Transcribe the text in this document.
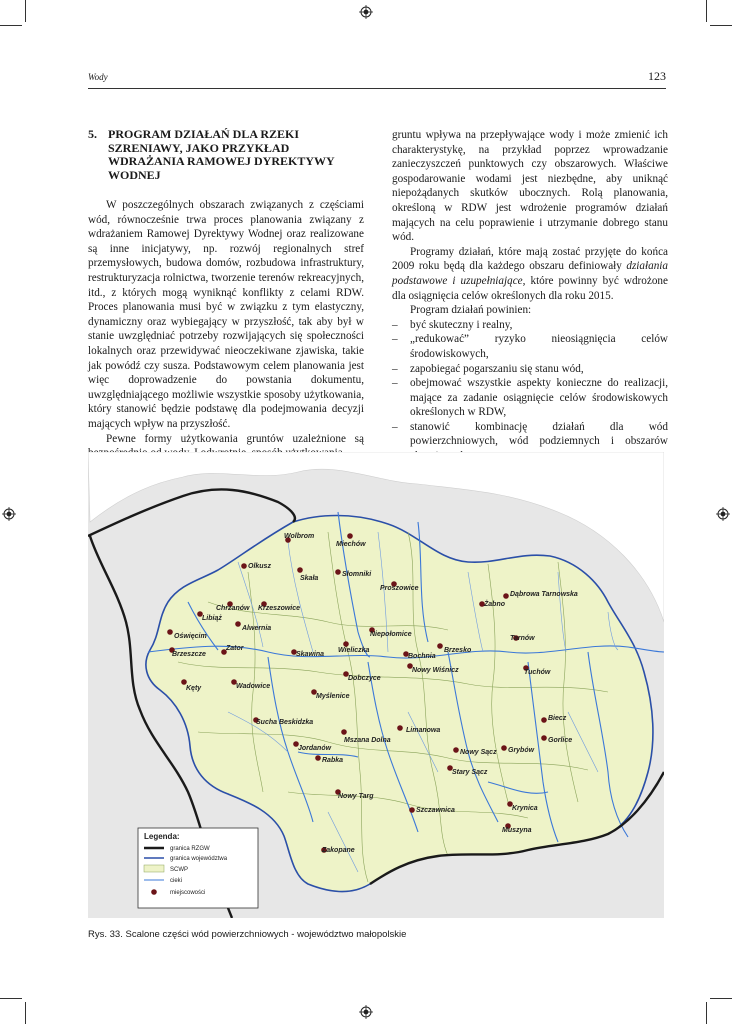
Wody	123
5. PROGRAM DZIAŁAŃ DLA RZEKI SZRENIAWY, JAKO PRZYKŁAD WDRAŻANIA RAMOWEJ DYREKTYWY WODNEJ

W poszczególnych obszarach związanych z częściami wód, równocześnie trwa proces planowania związany z wdrażaniem Ramowej Dyrektywy Wodnej oraz realizowane są inne inicjatywy, np. rozwój regionalnych stref przemysłowych, budowa domów, rozbudowa infrastruktury, restrukturyzacja rolnictwa, tworzenie terenów rekreacyjnych, itd., z których mogą wyniknąć konflikty z celami RDW. Proces planowania musi być w związku z tym elastyczny, dynamiczny oraz wybiegający w przyszłość, tak aby był w stanie uwzględniać potrzeby rozwijających się społeczności lokalnych oraz przewidywać nieoczekiwane zjawiska, takie jak powódź czy susza. Podstawowym celem planowania jest więc doprowadzenie do powstania dokumentu, uwzględniającego możliwie wszystkie sposoby użytkowania, który stanowić będzie podstawę dla podejmowania decyzji mających wpływ na przyszłość.

Pewne formy użytkowania gruntów uzależnione są

gruntu wpływa na przepływające wody i może zmienić ich charakterystykę, na przykład poprzez wprowadzanie zanieczyszczeń punktowych czy obszarowych. Właściwe gospodarowanie wodami jest niezbędne, aby uniknąć niepożądanych skutków ubocznych. Rolą planowania, określoną w RDW jest wdrożenie programów działań mających na celu poprawienie i utrzymanie dobrego stanu wód.

Programy działań, które mają zostać przyjęte do końca 2009 roku będą dla każdego obszaru definiowały działania podstawowe i uzupełniające, które powinny być wdrożone dla osiągnięcia celów określonych dla roku 2015.

Program działań powinien:

– być skuteczny i realny,
– „redukować” ryzyko nieosiągnięcia celów środowiskowych,
– zapobiegać pogarszaniu się stanu wód,
– obejmować wszystkie aspekty konieczne do realizacji, mające za zadanie osiągnięcie celów środowiskowych określonych w RDW,
– stanowić kombinację działań dla wód powierzchniowych, wód podziemnych i obszarów

Wolbrom
Miechów
Olkusz
Skała
Słomniki
Proszowice
Chrzanów Krzeszowice
Libiąż
Alwernia
Oświęcim
Zator
Brzeszcze	Skawina
Niepołomice
Wieliczka
Bochnia
Brzesko
Kęty	Wadowice
Myślenice
Dobczyce
Nowy Wiśnicz
Sucha Beskidzka
Jordanów
Rabka
Mszana Dolna
Limanowa
Nowy Targ
Zakopane
Szczawnica
Nowy Sącz
Stary Sącz
Krynica
Muszyna
Grybów
Gorlice
Biecz
Tuchów
Tarnów
Dąbrowa Tarnowska
Żabno
Legenda:
granica RZGW
granica województwa
SCWP
cieki
miejscowości
Rys. 33. Scalone części wód powierzchniowych - województwo małopolskie
